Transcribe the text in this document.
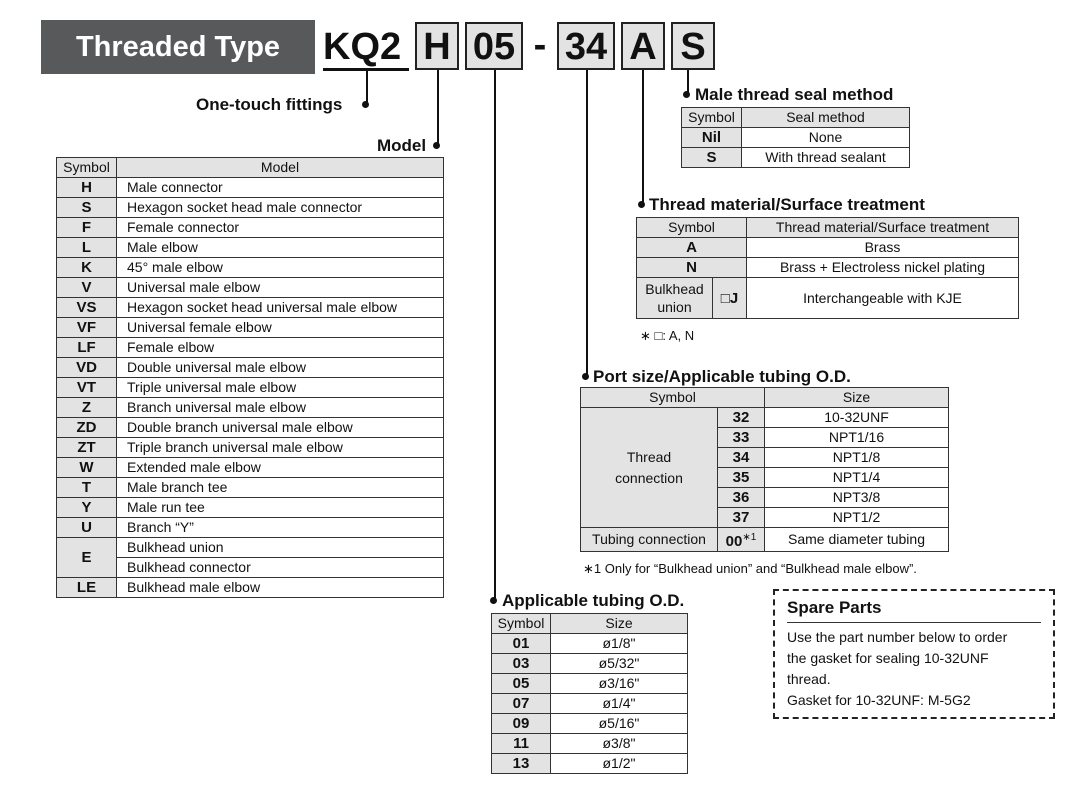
Threaded Type	KQ2 H 05 - 34 A S
One-touch fittings
Model
Male thread seal method
Thread material/Surface treatment
Port size/Applicable tubing O.D.
Applicable tubing O.D.
Symbol	Model
H	Male connector
S	Hexagon socket head male connector
F	Female connector
L	Male elbow
K	45° male elbow
V	Universal male elbow
VS	Hexagon socket head universal male elbow
VF	Universal female elbow
LF	Female elbow
VD	Double universal male elbow
VT	Triple universal male elbow
Z	Branch universal male elbow
ZD	Double branch universal male elbow
ZT	Triple branch universal male elbow
W	Extended male elbow
T	Male branch tee
Y	Male run tee
U	Branch “Y”
E	Bulkhead union
	Bulkhead connector
LE	Bulkhead male elbow
Symbol	Seal method
Nil	None
S	With thread sealant
Symbol		Thread material/Surface treatment
A		Brass
N		Brass + Electroless nickel plating
Bulkhead union	□J	Interchangeable with KJE
∗ □: A, N
Symbol		Size
Thread connection	32	10-32UNF
	33	NPT1/16
	34	NPT1/8
	35	NPT1/4
	36	NPT3/8
	37	NPT1/2
Tubing connection	$00^{∗1}$	Same diameter tubing
∗1 Only for “Bulkhead union” and “Bulkhead male elbow”.
Symbol	Size
01	ø1/8"
03	ø5/32"
05	ø3/16"
07	ø1/4"
09	ø5/16"
11	ø3/8"
13	ø1/2"
Spare Parts
Use the part number below to order
the gasket for sealing 10-32UNF
thread.
Gasket for 10-32UNF: M-5G2
